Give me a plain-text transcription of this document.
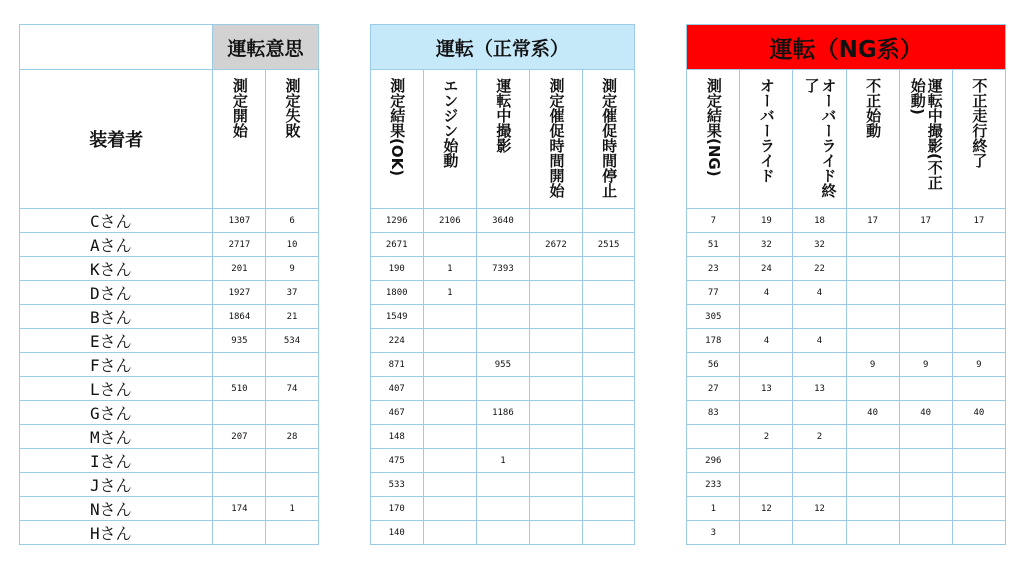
	運転意思			運転（正常系）						運転（NG系）					
装着者	測定開始	測定失敗		測定結果(OK)	エンジン始動	運転中撮影	測定催促時間開始	測定催促時間停止		測定結果(NG)	オーバーライド	オーバーライド終了	不正始動	運転中撮影(不正始動)	不正走行終了
Cさん	1307	6		1296	2106	3640				7	19	18	17	17	17
Aさん	2717	10		2671			2672	2515		51	32	32			
Kさん	201	9		190	1	7393				23	24	22			
Dさん	1927	37		1800	1					77	4	4			
Bさん	1864	21		1549						305					
Eさん	935	534		224						178	4	4			
Fさん				871		955				56			9	9	9
Lさん	510	74		407						27	13	13			
Gさん				467		1186				83			40	40	40
Mさん	207	28		148							2	2			
Iさん				475		1				296					
Jさん				533						233					
Nさん	174	1		170						1	12	12			
Hさん				140						3					
